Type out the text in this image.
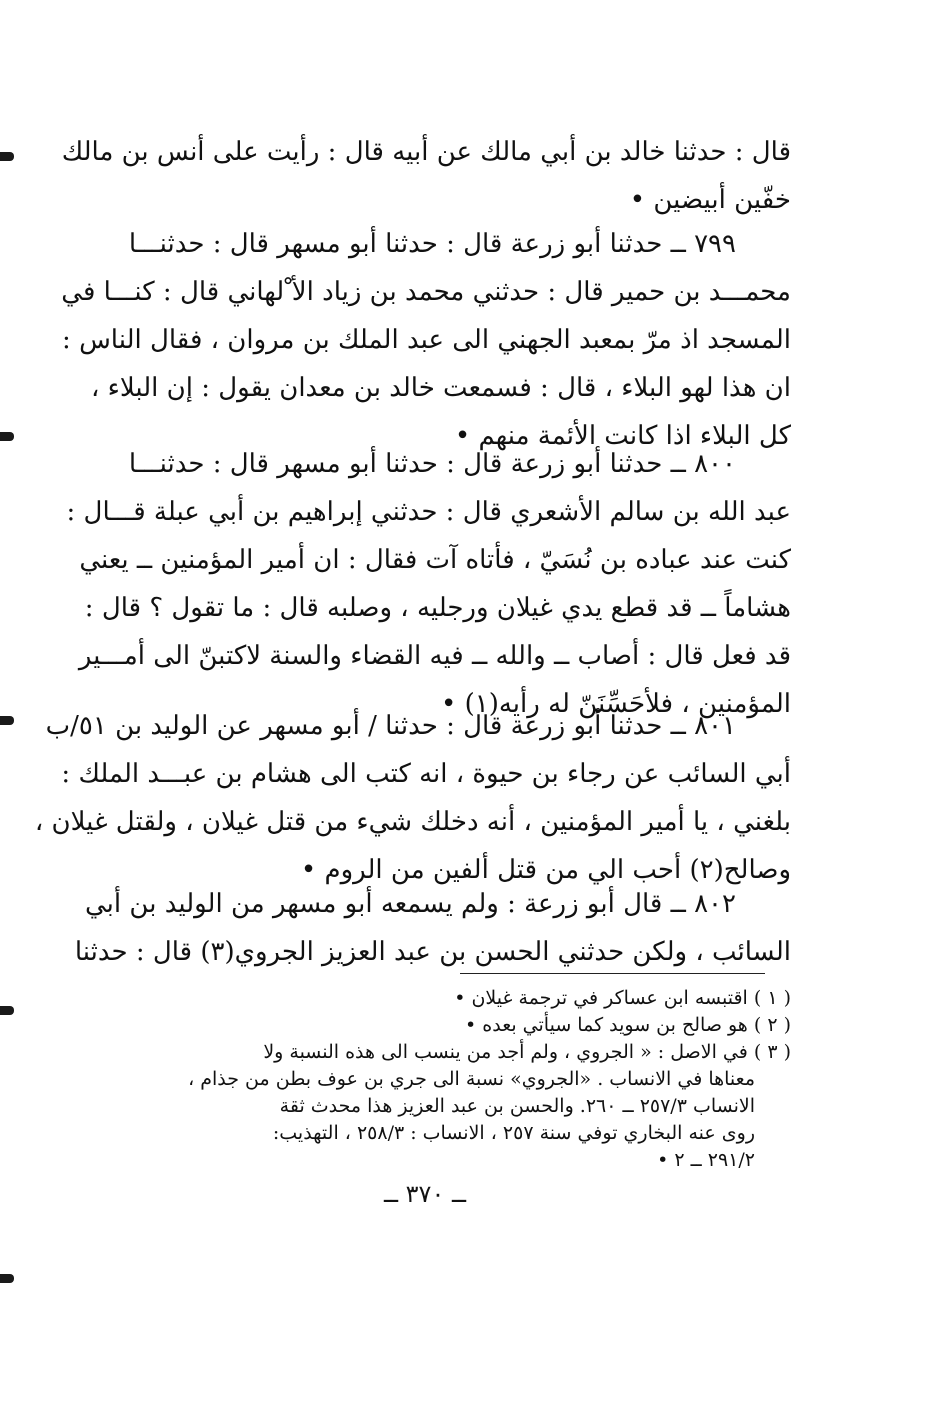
قال : حدثنا خالد بن أبي مالك عن أبيه قال : رأيت على أنس بن مالك
خفّين أبيضين •
٧٩٩ ــ حدثنا أبو زرعة قال : حدثنا أبو مسهر قال : حدثنـــا
محمـــد بن حمير قال : حدثني محمد بن زياد الأ ْلهاني قال : كنـــا في
المسجد اذ مرّ بمعبد الجهني الى عبد الملك بن مروان ، فقال الناس :
ان هذا لهو البلاء ، قال : فسمعت خالد بن معدان يقول : إن البلاء ،
كل البلاء اذا كانت الأئمة منهم •
٨٠٠ ــ حدثنا أبو زرعة قال : حدثنا أبو مسهر قال : حدثنـــا
عبد الله بن سالم الأشعري قال : حدثني إبراهيم بن أبي عبلة قـــال :
كنت عند عباده بن نُسَيّ ، فأتاه آت فقال : ان أمير المؤمنين ــ يعني
هشاماً ــ قد قطع يدي غيلان ورجليه ، وصلبه قال : ما تقول ؟ قال :
قد فعل قال : أصاب ــ والله ــ فيه القضاء والسنة لاكتبنّ الى أمـــير
المؤمنين ، فلأحَسِّنَنّ له رأيه(١) •
٨٠١ ــ حدثنا أبو زرعة قال : حدثنا / أبو مسهر عن الوليد بن ٥١/ب
أبي السائب عن رجاء بن حيوة ، انه كتب الى هشام بن عبـــد الملك :
بلغني ، يا أمير المؤمنين ، أنه دخلك شيء من قتل غيلان ، ولقتل غيلان ،
وصالح(٢) أحب الي من قتل ألفين من الروم •
٨٠٢ ــ قال أبو زرعة : ولم يسمعه أبو مسهر من الوليد بن أبي
السائب ، ولكن حدثني الحسن بن عبد العزيز الجروي(٣) قال : حدثنا
( ١ ) اقتبسه ابن عساكر في ترجمة غيلان •
( ٢ ) هو صالح بن سويد كما سيأتي بعده •
( ٣ ) في الاصل : « الجروي ، ولم أجد من ينسب الى هذه النسبة ولا
معناها في الانساب . «الجروي» نسبة الى جري بن عوف بطن من جذام ،
الانساب ٢٥٧/٣ ــ ٢٦٠. والحسن بن عبد العزيز هذا محدث ثقة
روى عنه البخاري توفي سنة ٢٥٧ ، الانساب : ٢٥٨/٣ ، التهذيب:
٢٩١/٢ ــ ٢ •
ــ ٣٧٠ ــ
